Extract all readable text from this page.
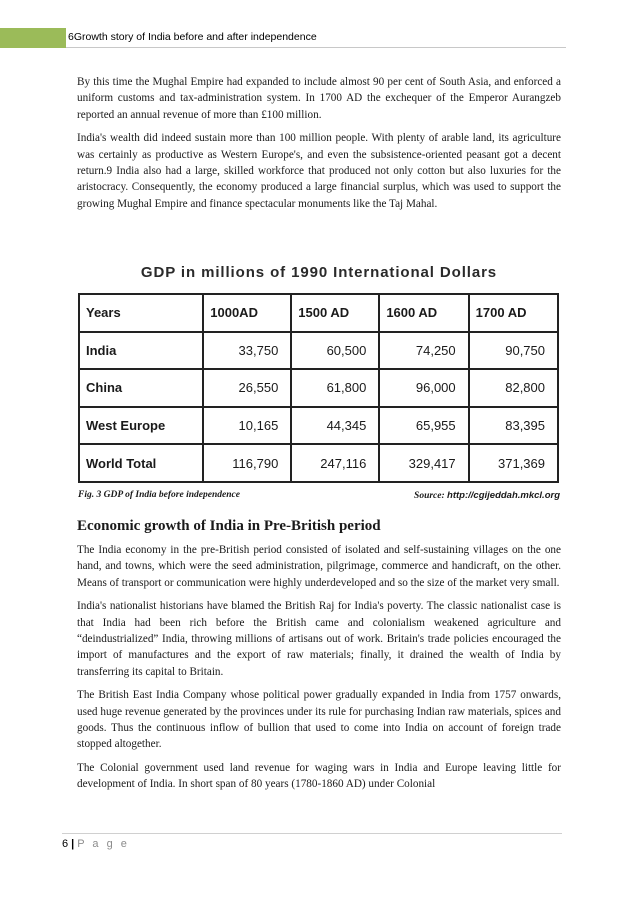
6Growth story of India before and after independence

By this time the Mughal Empire had expanded to include almost 90 per cent of South Asia, and enforced a uniform customs and tax-administration system. In 1700 AD the exchequer of the Emperor Aurangzeb reported an annual revenue of more than £100 million.

India's wealth did indeed sustain more than 100 million people. With plenty of arable land, its agriculture was certainly as productive as Western Europe's, and even the subsistence-oriented peasant got a decent return.9 India also had a large, skilled workforce that produced not only cotton but also luxuries for the aristocracy. Consequently, the economy produced a large financial surplus, which was used to support the growing Mughal Empire and finance spectacular monuments like the Taj Mahal.

GDP in millions of 1990 International Dollars
Years	1000AD	1500 AD	1600 AD	1700 AD
India	33,750	60,500	74,250	90,750
China	26,550	61,800	96,000	82,800
West Europe	10,165	44,345	65,955	83,395
World Total	116,790	247,116	329,417	371,369
Fig. 3 GDP of India before independence	Source: http://cgijeddah.mkcl.org
Economic growth of India in Pre-British period

The India economy in the pre-British period consisted of isolated and self-sustaining villages on the one hand, and towns, which were the seed administration, pilgrimage, commerce and handicraft, on the other. Means of transport or communication were highly underdeveloped and so the size of the market very small.

India's nationalist historians have blamed the British Raj for India's poverty. The classic nationalist case is that India had been rich before the British came and colonialism weakened agriculture and “deindustrialized” India, throwing millions of artisans out of work. Britain's trade policies encouraged the import of manufactures and the export of raw materials; finally, it drained the wealth of India by transferring its capital to Britain.

The British East India Company whose political power gradually expanded in India from 1757 onwards, used huge revenue generated by the provinces under its rule for purchasing Indian raw materials, spices and goods. Thus the continuous inflow of bullion that used to come into India on account of foreign trade stopped altogether.

The Colonial government used land revenue for waging wars in India and Europe leaving little for development of India. In short span of 80 years (1780-1860 AD) under Colonial

6 | P a g e
